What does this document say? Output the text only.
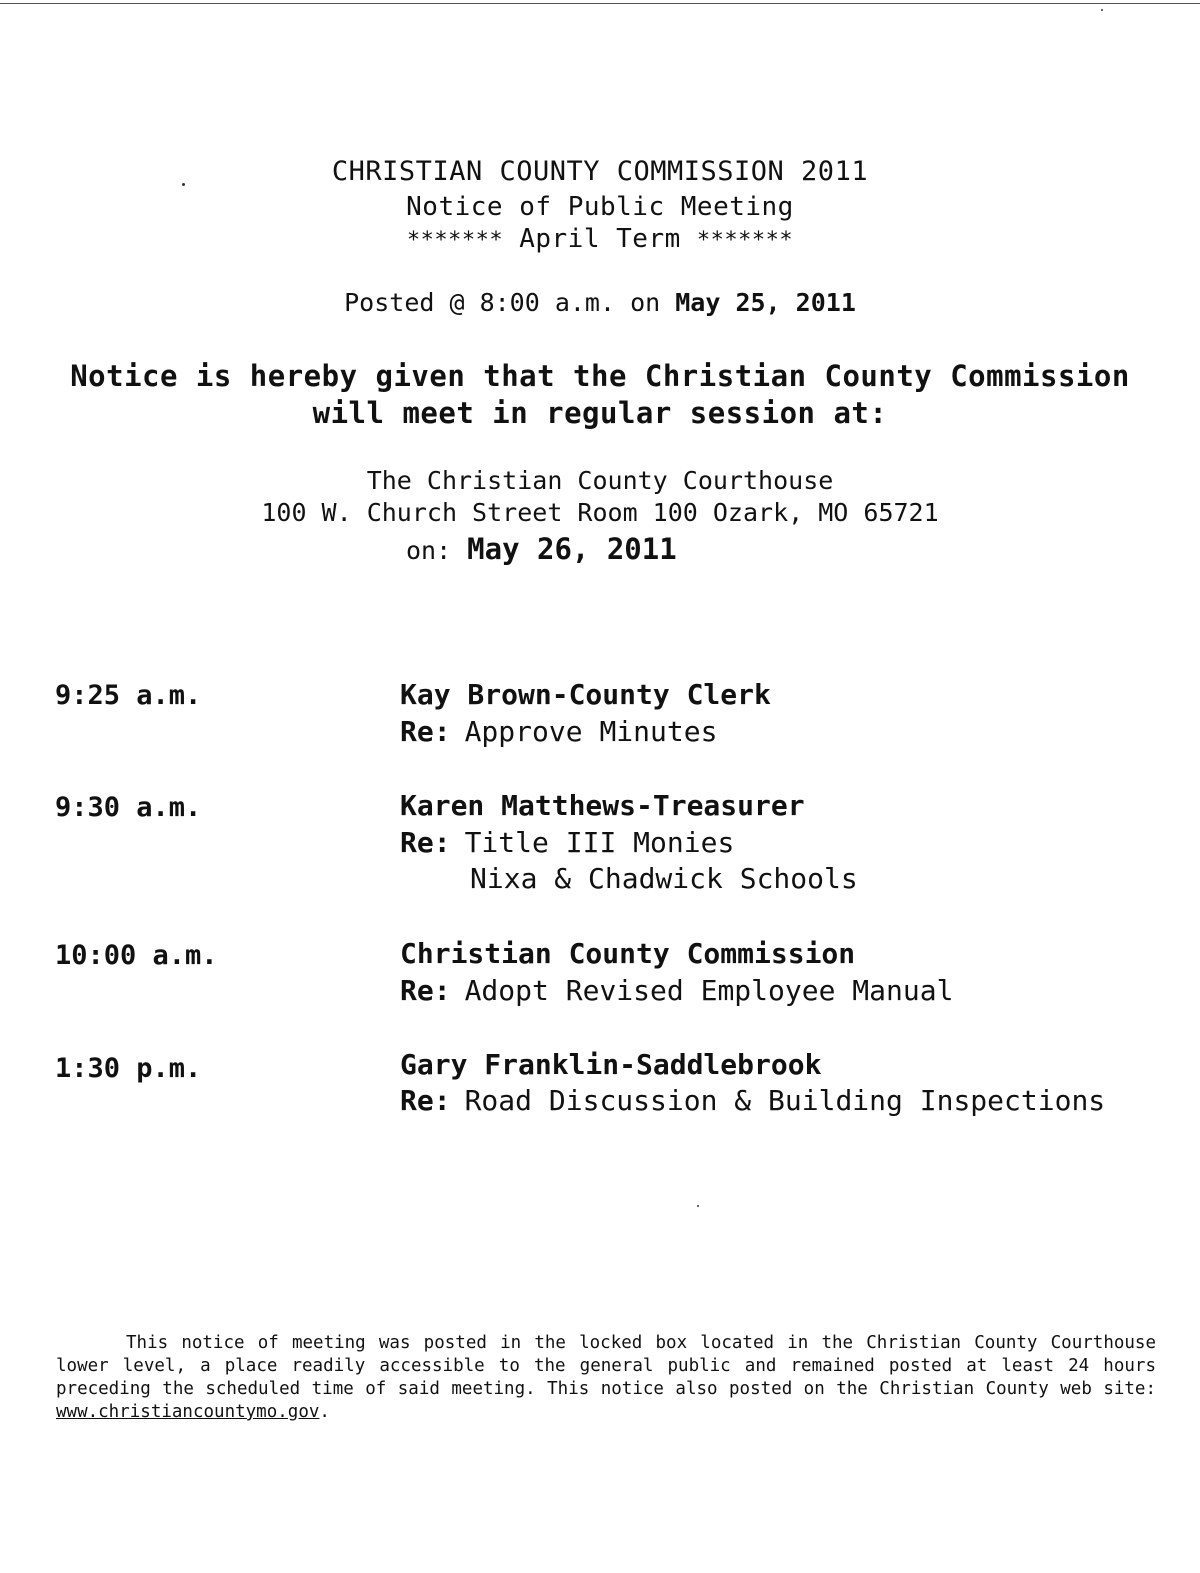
CHRISTIAN COUNTY COMMISSION 2011
Notice of Public Meeting
******* April Term *******
Posted @ 8:00 a.m. on May 25, 2011
Notice is hereby given that the Christian County Commission
will meet in regular session at:
The Christian County Courthouse
100 W. Church Street Room 100 Ozark, MO 65721
on: May 26, 2011
9:25 a.m.	Kay Brown-County Clerk
Re: Approve Minutes
9:30 a.m.	Karen Matthews-Treasurer
Re: Title III Monies
Nixa & Chadwick Schools
10:00 a.m.	Christian County Commission
Re: Adopt Revised Employee Manual
1:30 p.m.	Gary Franklin-Saddlebrook
Re: Road Discussion & Building Inspections

This notice of meeting was posted in the locked box located in the Christian County Courthouse lower level, a place readily accessible to the general public and remained posted at least 24 hours preceding the scheduled time of said meeting. This notice also posted on the Christian County web site: www.christiancountymo.gov.
